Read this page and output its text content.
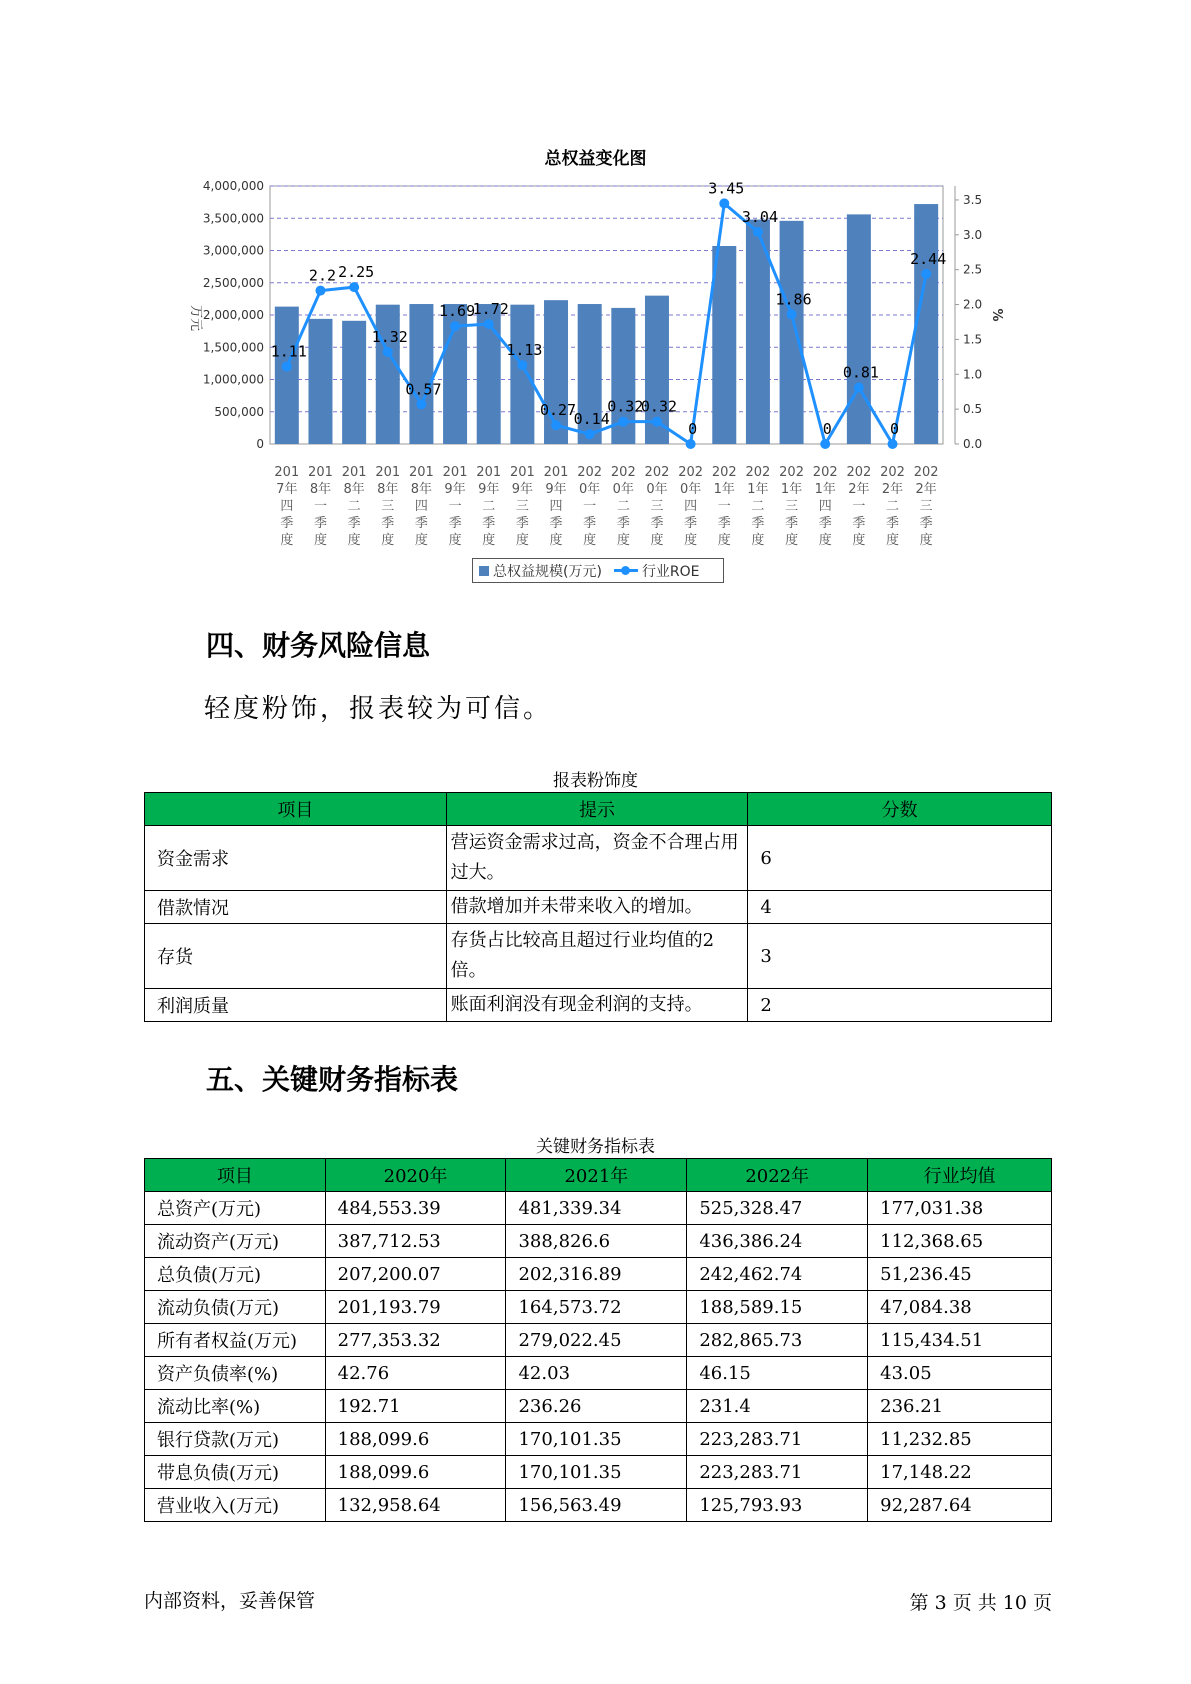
总权益变化图
0
500,000
1,000,000
1,500,000
2,000,000
2,500,000
3,000,000
3,500,000
4,000,000
0.0
0.5
1.0
1.5
2.0
2.5
3.0
3.5
万元	%
1.11
2.2 2.25
1.32
0.57
1.69
1.72
1.13
0.27
0.14
0.32
0.32
0
3.45
3.04
1.86
0
0.81
0
2.44
201
7年
四
季
度
201
8年
一
季
度
201
8年
二
季
度
201
8年
三
季
度
201
8年
四
季
度
201
9年
一
季
度
201
9年
二
季
度
201
9年
三
季
度
201
9年
四
季
度
202
0年
一
季
度
202
0年
二
季
度
202
0年
三
季
度
202
0年
四
季
度
202
1年
一
季
度
202
1年
二
季
度
202
1年
三
季
度
202
1年
四
季
度
202
2年
一
季
度
202
2年
二
季
度
202
2年
三
季
度
总权益规模(万元)	行业ROE
四、财务风险信息

轻度粉饰，报表较为可信。

报表粉饰度

项目	提示	分数
资金需求	营运资金需求过高，资金不合理占用过大。	6
借款情况	借款增加并未带来收入的增加。	4
存货	存货占比较高且超过行业均值的2倍。	3
利润质量	账面利润没有现金利润的支持。	2
五、关键财务指标表

关键财务指标表

项目	2020年	2021年	2022年	行业均值
总资产(万元)	484,553.39	481,339.34	525,328.47	177,031.38
流动资产(万元)	387,712.53	388,826.6	436,386.24	112,368.65
总负债(万元)	207,200.07	202,316.89	242,462.74	51,236.45
流动负债(万元)	201,193.79	164,573.72	188,589.15	47,084.38
所有者权益(万元)	277,353.32	279,022.45	282,865.73	115,434.51
资产负债率(%)	42.76	42.03	46.15	43.05
流动比率(%)	192.71	236.26	231.4	236.21
银行贷款(万元)	188,099.6	170,101.35	223,283.71	11,232.85
带息负债(万元)	188,099.6	170,101.35	223,283.71	17,148.22
营业收入(万元)	132,958.64	156,563.49	125,793.93	92,287.64
内部资料，妥善保管	第 3 页 共 10 页
